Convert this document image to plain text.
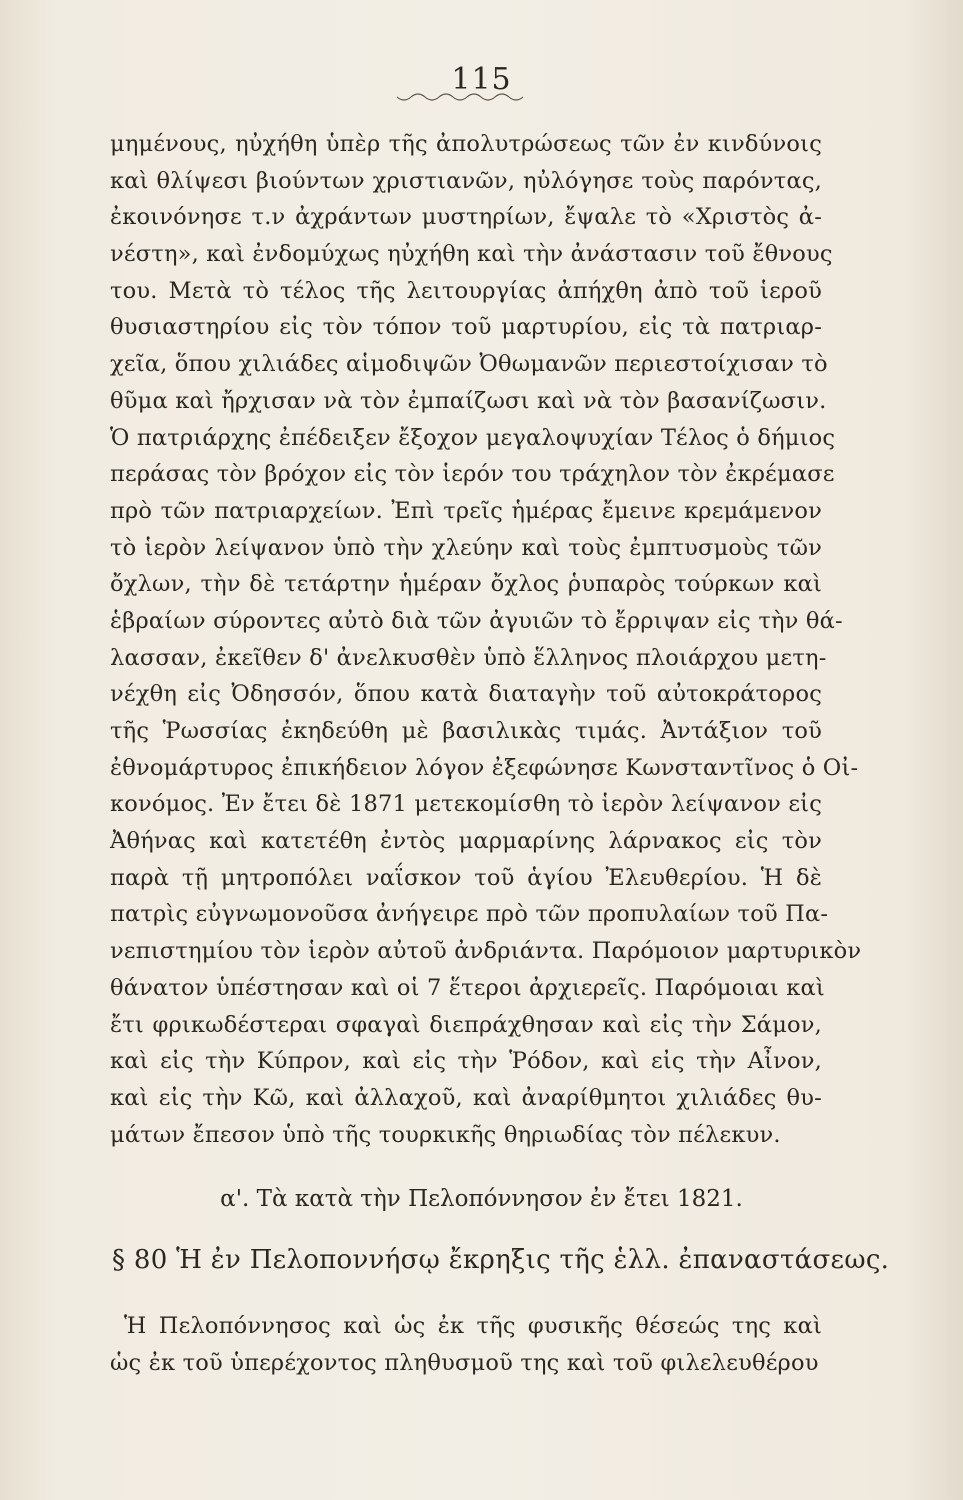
115
μημένους, ηὐχήθη ὑπὲρ τῆς ἀπολυτρώσεως τῶν ἐν κινδύνοις
καὶ θλίψεσι βιούντων χριστιανῶν, ηὐλόγησε τοὺς παρόντας,
ἐκοινόνησε τ.ν ἀχράντων μυστηρίων, ἔψαλε τὸ «Χριστὸς ἀ-
νέστη», καὶ ἐνδομύχως ηὐχήθη καὶ τὴν ἀνάστασιν τοῦ ἔθνους
του. Μετὰ τὸ τέλος τῆς λειτουργίας ἀπήχθη ἀπὸ τοῦ ἱεροῦ
θυσιαστηρίου εἰς τὸν τόπον τοῦ μαρτυρίου, εἰς τὰ πατριαρ-
χεῖα, ὅπου χιλιάδες αἱμοδιψῶν Ὀθωμανῶν περιεστοίχισαν τὸ
θῦμα καὶ ἤρχισαν νὰ τὸν ἐμπαίζωσι καὶ νὰ τὸν βασανίζωσιν.
Ὁ πατριάρχης ἐπέδειξεν ἔξοχον μεγαλοψυχίαν Τέλος ὁ δήμιος
περάσας τὸν βρόχον εἰς τὸν ἱερόν του τράχηλον τὸν ἐκρέμασε
πρὸ τῶν πατριαρχείων. Ἐπὶ τρεῖς ἡμέρας ἔμεινε κρεμάμενον
τὸ ἱερὸν λείψανον ὑπὸ τὴν χλεύην καὶ τοὺς ἐμπτυσμοὺς τῶν
ὄχλων, τὴν δὲ τετάρτην ἡμέραν ὄχλος ῥυπαρὸς τούρκων καὶ
ἑβραίων σύροντες αὐτὸ διὰ τῶν ἀγυιῶν τὸ ἔρριψαν εἰς τὴν θά-
λασσαν, ἐκεῖθεν δ' ἀνελκυσθὲν ὑπὸ ἕλληνος πλοιάρχου μετη-
νέχθη εἰς Ὀδησσόν, ὅπου κατὰ διαταγὴν τοῦ αὐτοκράτορος
τῆς Ῥωσσίας ἐκηδεύθη μὲ βασιλικὰς τιμάς. Ἀντάξιον τοῦ
ἐθνομάρτυρος ἐπικήδειον λόγον ἐξεφώνησε Κωνσταντῖνος ὁ Οἰ-
κονόμος. Ἐν ἔτει δὲ 1871 μετεκομίσθη τὸ ἱερὸν λείψανον εἰς
Ἀθήνας καὶ κατετέθη ἐντὸς μαρμαρίνης λάρνακος εἰς τὸν
παρὰ τῇ μητροπόλει ναΐσκον τοῦ ἁγίου Ἐλευθερίου. Ἡ δὲ
πατρὶς εὐγνωμονοῦσα ἀνήγειρε πρὸ τῶν προπυλαίων τοῦ Πα-
νεπιστημίου τὸν ἱερὸν αὐτοῦ ἀνδριάντα. Παρόμοιον μαρτυρικὸν
θάνατον ὑπέστησαν καὶ οἱ 7 ἕτεροι ἀρχιερεῖς. Παρόμοιαι καὶ
ἔτι φρικωδέστεραι σφαγαὶ διεπράχθησαν καὶ εἰς τὴν Σάμον,
καὶ εἰς τὴν Κύπρον, καὶ εἰς τὴν Ῥόδον, καὶ εἰς τὴν Αἶνον,
καὶ εἰς τὴν Κῶ, καὶ ἀλλαχοῦ, καὶ ἀναρίθμητοι χιλιάδες θυ-
μάτων ἔπεσον ὑπὸ τῆς τουρκικῆς θηριωδίας τὸν πέλεκυν.
α'. Τὰ κατὰ τὴν Πελοπόννησον ἐν ἔτει 1821.
§ 80 Ἡ ἐν Πελοποννήσῳ ἔκρηξις τῆς ἑλλ. ἐπαναστάσεως.
Ἡ Πελοπόννησος καὶ ὡς ἐκ τῆς φυσικῆς θέσεώς της καὶ
ὡς ἐκ τοῦ ὑπερέχοντος πληθυσμοῦ της καὶ τοῦ φιλελευθέρου
